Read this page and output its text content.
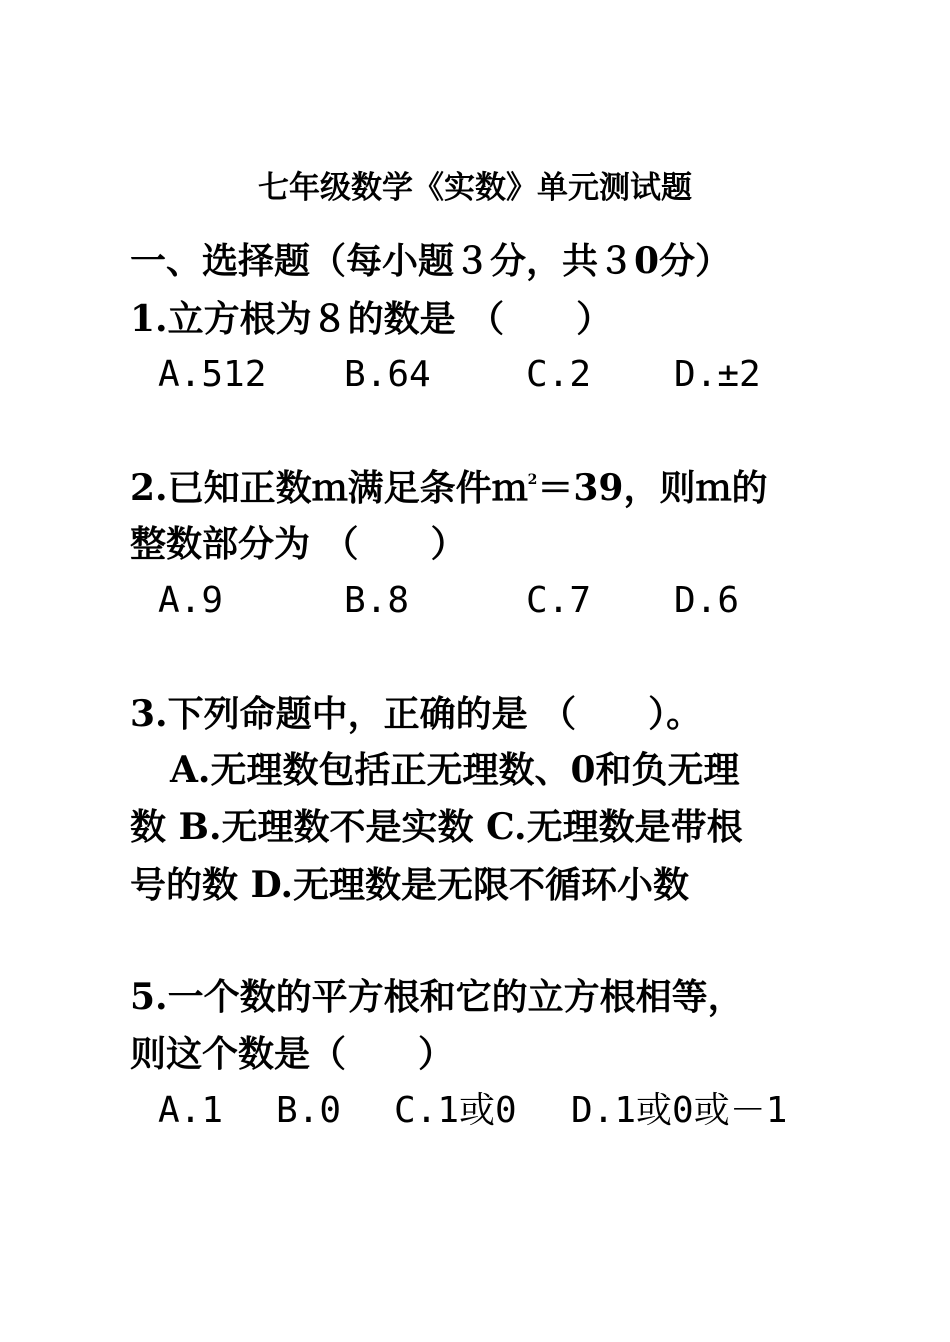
七年级数学《实数》单元测试题
一、选择题（每小题３分，共３0分）
1.立方根为８的数是 （　　）
A.512 B.64	C.2 D.±2
2.已知正数ｍ满足条件ｍ$^2$＝39，则ｍ的
整数部分为 （　　）
A.9	B.8	C.7 D.6
3.下列命题中，正确的是 （　　）。
A.无理数包括正无理数、0和负无理
数 B.无理数不是实数 C.无理数是带根
号的数 D.无理数是无限不循环小数
5.一个数的平方根和它的立方根相等，
则这个数是（　　）
A.1 B.0 C.1或0 D.1或0或－1
